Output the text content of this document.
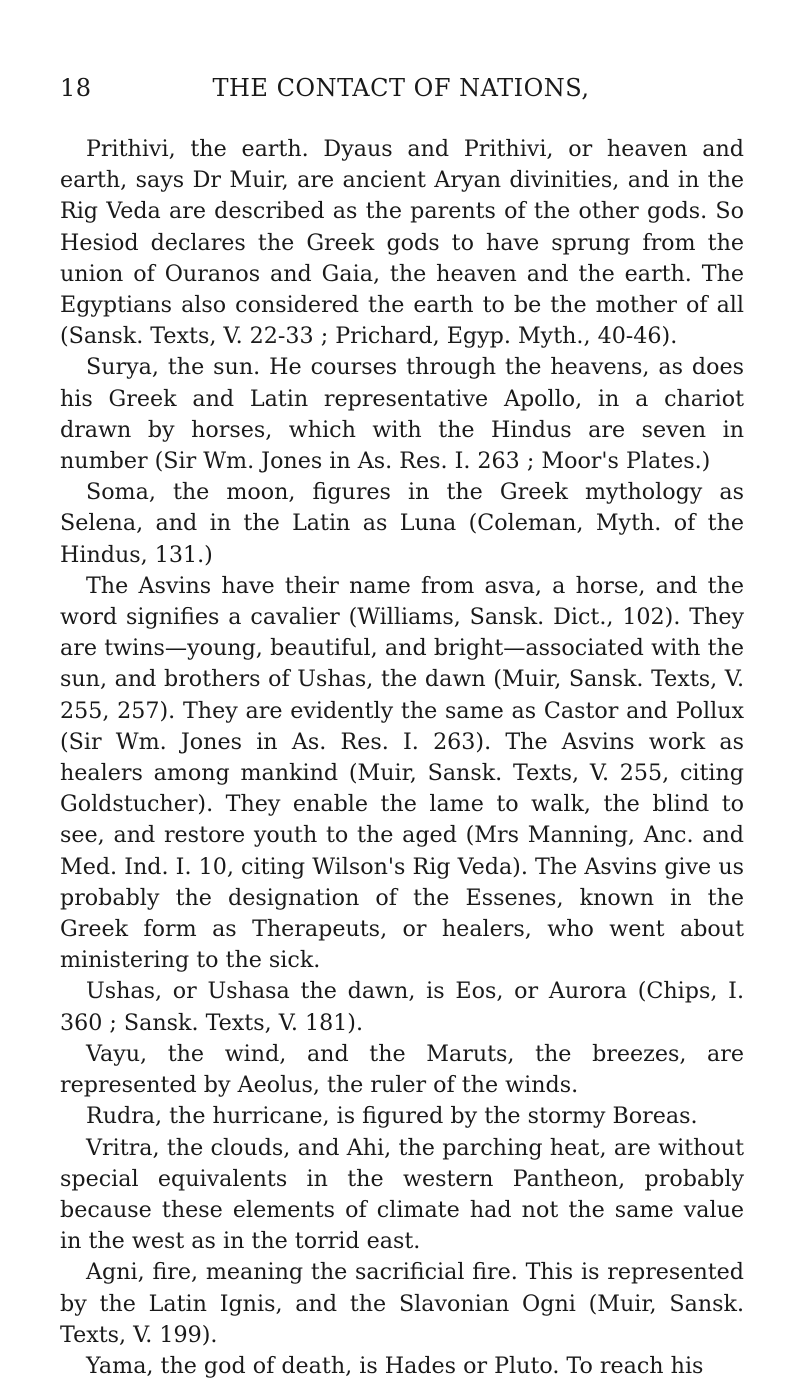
18	THE CONTACT OF NATIONS,

Prithivi, the earth. Dyaus and Prithivi, or heaven and earth, says Dr Muir, are ancient Aryan divinities, and in the Rig Veda are described as the parents of the other gods. So Hesiod declares the Greek gods to have sprung from the union of Ouranos and Gaia, the heaven and the earth. The Egyptians also considered the earth to be the mother of all (Sansk. Texts, V. 22-33 ; Prichard, Egyp. Myth., 40-46).

Surya, the sun. He courses through the heavens, as does his Greek and Latin representative Apollo, in a chariot drawn by horses, which with the Hindus are seven in number (Sir Wm. Jones in As. Res. I. 263 ; Moor's Plates.)

Soma, the moon, figures in the Greek mythology as Selena, and in the Latin as Luna (Coleman, Myth. of the Hindus, 131.)

The Asvins have their name from asva, a horse, and the word signifies a cavalier (Williams, Sansk. Dict., 102). They are twins—young, beautiful, and bright—associated with the sun, and brothers of Ushas, the dawn (Muir, Sansk. Texts, V. 255, 257). They are evidently the same as Castor and Pollux (Sir Wm. Jones in As. Res. I. 263). The Asvins work as healers among mankind (Muir, Sansk. Texts, V. 255, citing Goldstucher). They enable the lame to walk, the blind to see, and restore youth to the aged (Mrs Manning, Anc. and Med. Ind. I. 10, citing Wilson's Rig Veda). The Asvins give us probably the designation of the Essenes, known in the Greek form as Therapeuts, or healers, who went about ministering to the sick.

Ushas, or Ushasa the dawn, is Eos, or Aurora (Chips, I. 360 ; Sansk. Texts, V. 181).

Vayu, the wind, and the Maruts, the breezes, are represented by Aeolus, the ruler of the winds.

Rudra, the hurricane, is figured by the stormy Boreas.

Vritra, the clouds, and Ahi, the parching heat, are without special equivalents in the western Pantheon, probably because these elements of climate had not the same value in the west as in the torrid east.

Agni, fire, meaning the sacrificial fire. This is represented by the Latin Ignis, and the Slavonian Ogni (Muir, Sansk. Texts, V. 199).

Yama, the god of death, is Hades or Pluto. To reach his
